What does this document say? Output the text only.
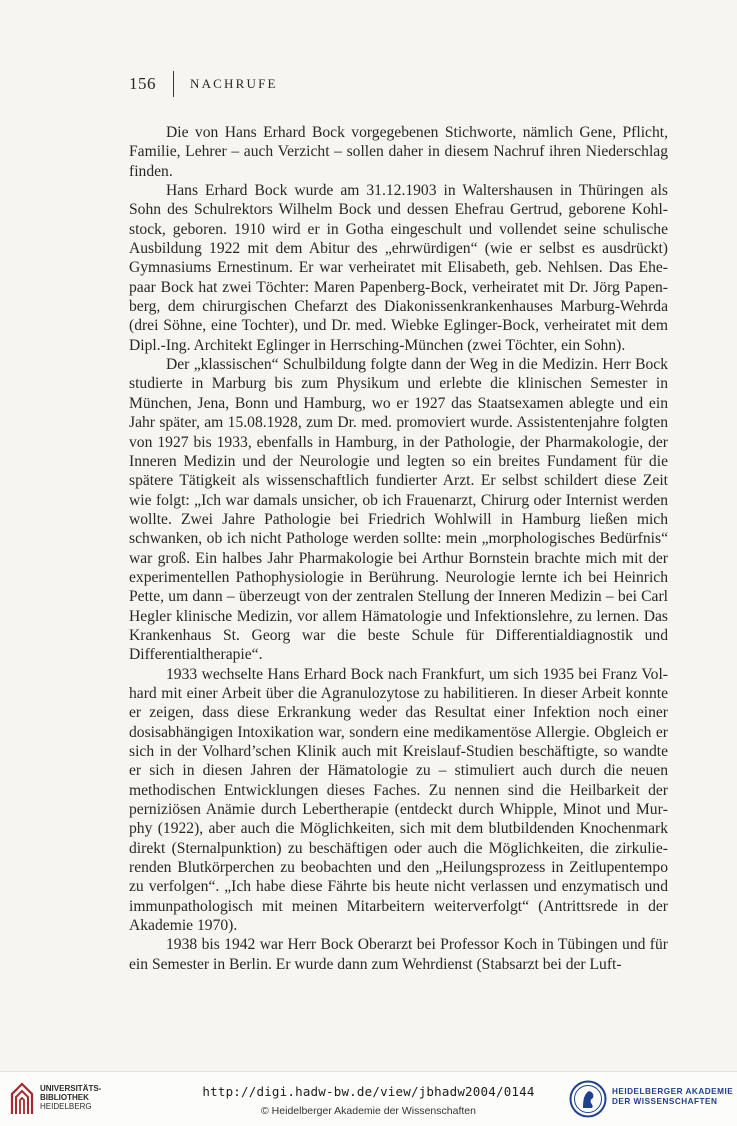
156	NACHRUFE

Die von Hans Erhard Bock vorgegebenen Stichworte, nämlich Gene, Pflicht, Familie, Lehrer – auch Verzicht – sollen daher in diesem Nachruf ihren Niederschlag finden.

Hans Erhard Bock wurde am 31.12.1903 in Waltershausen in Thüringen als Sohn des Schulrektors Wilhelm Bock und dessen Ehefrau Gertrud, geborene Kohlstock, geboren. 1910 wird er in Gotha eingeschult und vollendet seine schulische Ausbildung 1922 mit dem Abitur des „ehrwürdigen“ (wie er selbst es ausdrückt) Gymnasiums Ernestinum. Er war verheiratet mit Elisabeth, geb. Nehlsen. Das Ehepaar Bock hat zwei Töchter: Maren Papenberg-Bock, verheiratet mit Dr. Jörg Papenberg, dem chirurgischen Chefarzt des Diakonissenkrankenhauses Marburg-Wehrda (drei Söhne, eine Tochter), und Dr. med. Wiebke Eglinger-Bock, verheiratet mit dem Dipl.-Ing. Architekt Eglinger in Herrsching-München (zwei Töchter, ein Sohn).

Der „klassischen“ Schulbildung folgte dann der Weg in die Medizin. Herr Bock studierte in Marburg bis zum Physikum und erlebte die klinischen Semester in München, Jena, Bonn und Hamburg, wo er 1927 das Staatsexamen ablegte und ein Jahr später, am 15.08.1928, zum Dr. med. promoviert wurde. Assistentenjahre folgten von 1927 bis 1933, ebenfalls in Hamburg, in der Pathologie, der Pharmakologie, der Inneren Medizin und der Neurologie und legten so ein breites Fundament für die spätere Tätigkeit als wissenschaftlich fundierter Arzt. Er selbst schildert diese Zeit wie folgt: „Ich war damals unsicher, ob ich Frauenarzt, Chirurg oder Internist werden wollte. Zwei Jahre Pathologie bei Friedrich Wohlwill in Hamburg ließen mich schwanken, ob ich nicht Pathologe werden sollte: mein „morphologisches Bedürfnis“ war groß. Ein halbes Jahr Pharmakologie bei Arthur Bornstein brachte mich mit der experimentellen Pathophysiologie in Berührung. Neurologie lernte ich bei Heinrich Pette, um dann – überzeugt von der zentralen Stellung der Inneren Medizin – bei Carl Hegler klinische Medizin, vor allem Hämatologie und Infektionslehre, zu lernen. Das Krankenhaus St. Georg war die beste Schule für Differentialdiagnostik und Differentialtherapie“.

1933 wechselte Hans Erhard Bock nach Frankfurt, um sich 1935 bei Franz Volhard mit einer Arbeit über die Agranulozytose zu habilitieren. In dieser Arbeit konnte er zeigen, dass diese Erkrankung weder das Resultat einer Infektion noch einer dosisabhängigen Intoxikation war, sondern eine medikamentöse Allergie. Obgleich er sich in der Volhard’schen Klinik auch mit Kreislauf-Studien beschäftigte, so wandte er sich in diesen Jahren der Hämatologie zu – stimuliert auch durch die neuen methodischen Entwicklungen dieses Faches. Zu nennen sind die Heilbarkeit der perniziösen Anämie durch Lebertherapie (entdeckt durch Whipple, Minot und Murphy (1922), aber auch die Möglichkeiten, sich mit dem blutbildenden Knochenmark direkt (Sternalpunktion) zu beschäftigen oder auch die Möglichkeiten, die zirkulierenden Blutkörperchen zu beobachten und den „Heilungsprozess in Zeitlupentempo zu verfolgen“. „Ich habe diese Fährte bis heute nicht verlassen und enzymatisch und immunpathologisch mit meinen Mitarbeitern weiterverfolgt“ (Antrittsrede in der Akademie 1970).

1938 bis 1942 war Herr Bock Oberarzt bei Professor Koch in Tübingen und für ein Semester in Berlin. Er wurde dann zum Wehrdienst (Stabsarzt bei der Luft-

UNIVERSITÄTS-
BIBLIOTHEK
HEIDELBERG
http://digi.hadw-bw.de/view/jbhadw2004/0144
© Heidelberger Akademie der Wissenschaften
HEIDELBERGER AKADEMIE
DER WISSENSCHAFTEN
